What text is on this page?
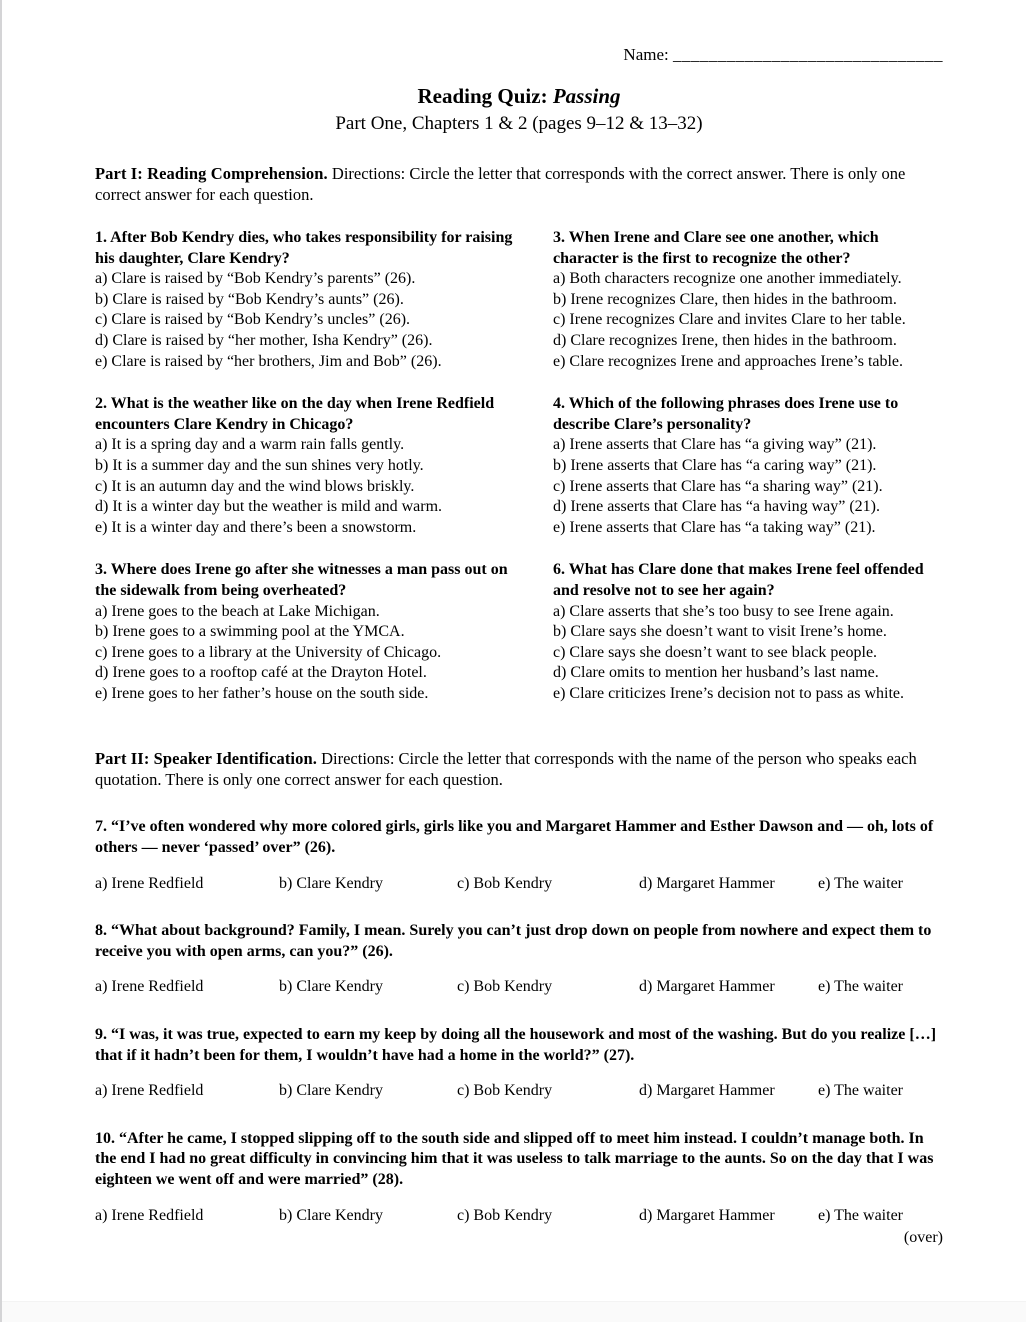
Name: ______________________________
Reading Quiz: Passing
Part One, Chapters 1 & 2 (pages 9–12 & 13–32)

Part I: Reading Comprehension. Directions: Circle the letter that corresponds with the correct answer. There is only one correct answer for each question.

1. After Bob Kendry dies, who takes responsibility for raising his daughter, Clare Kendry?
a) Clare is raised by “Bob Kendry’s parents” (26).
b) Clare is raised by “Bob Kendry’s aunts” (26).
c) Clare is raised by “Bob Kendry’s uncles” (26).
d) Clare is raised by “her mother, Isha Kendry” (26).
e) Clare is raised by “her brothers, Jim and Bob” (26).
2. What is the weather like on the day when Irene Redfield encounters Clare Kendry in Chicago?
a) It is a spring day and a warm rain falls gently.
b) It is a summer day and the sun shines very hotly.
c) It is an autumn day and the wind blows briskly.
d) It is a winter day but the weather is mild and warm.
e) It is a winter day and there’s been a snowstorm.
3. Where does Irene go after she witnesses a man pass out on the sidewalk from being overheated?
a) Irene goes to the beach at Lake Michigan.
b) Irene goes to a swimming pool at the YMCA.
c) Irene goes to a library at the University of Chicago.
d) Irene goes to a rooftop café at the Drayton Hotel.
e) Irene goes to her father’s house on the south side.
3. When Irene and Clare see one another, which character is the first to recognize the other?
a) Both characters recognize one another immediately.
b) Irene recognizes Clare, then hides in the bathroom.
c) Irene recognizes Clare and invites Clare to her table.
d) Clare recognizes Irene, then hides in the bathroom.
e) Clare recognizes Irene and approaches Irene’s table.
4. Which of the following phrases does Irene use to describe Clare’s personality?
a) Irene asserts that Clare has “a giving way” (21).
b) Irene asserts that Clare has “a caring way” (21).
c) Irene asserts that Clare has “a sharing way” (21).
d) Irene asserts that Clare has “a having way” (21).
e) Irene asserts that Clare has “a taking way” (21).
6. What has Clare done that makes Irene feel offended and resolve not to see her again?
a) Clare asserts that she’s too busy to see Irene again.
b) Clare says she doesn’t want to visit Irene’s home.
c) Clare says she doesn’t want to see black people.
d) Clare omits to mention her husband’s last name.
e) Clare criticizes Irene’s decision not to pass as white.

Part II: Speaker Identification. Directions: Circle the letter that corresponds with the name of the person who speaks each quotation. There is only one correct answer for each question.

7. “I’ve often wondered why more colored girls, girls like you and Margaret Hammer and Esther Dawson and — oh, lots of others — never ‘passed’ over” (26).
a) Irene Redfield	b) Clare Kendry	c) Bob Kendry	d) Margaret Hammer	e) The waiter
8. “What about background? Family, I mean. Surely you can’t just drop down on people from nowhere and expect them to receive you with open arms, can you?” (26).
a) Irene Redfield	b) Clare Kendry	c) Bob Kendry	d) Margaret Hammer	e) The waiter
9. “I was, it was true, expected to earn my keep by doing all the housework and most of the washing. But do you realize […] that if it hadn’t been for them, I wouldn’t have had a home in the world?” (27).
a) Irene Redfield	b) Clare Kendry	c) Bob Kendry	d) Margaret Hammer	e) The waiter
10. “After he came, I stopped slipping off to the south side and slipped off to meet him instead. I couldn’t manage both. In the end I had no great difficulty in convincing him that it was useless to talk marriage to the aunts. So on the day that I was eighteen we went off and were married” (28).
a) Irene Redfield	b) Clare Kendry	c) Bob Kendry	d) Margaret Hammer	e) The waiter
(over)
